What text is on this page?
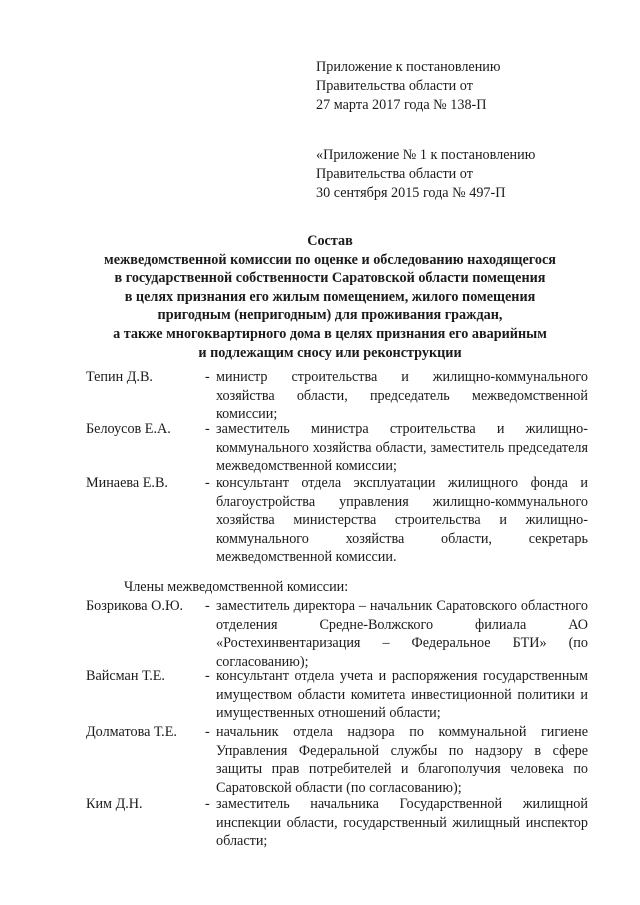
Приложение к постановлению
Правительства области от
27 марта 2017 года № 138-П
«Приложение № 1 к постановлению
Правительства области от
30 сентября 2015 года № 497-П
Состав
межведомственной комиссии по оценке и обследованию находящегося
в государственной собственности Саратовской области помещения
в целях признания его жилым помещением, жилого помещения
пригодным (непригодным) для проживания граждан,
а также многоквартирного дома в целях признания его аварийным
и подлежащим сносу или реконструкции
Тепин Д.В.	- министр строительства и жилищно-коммунального хозяйства области, председатель межведомственной комиссии;
Белоусов Е.А.	- заместитель министра строительства и жилищно-коммунального хозяйства области, заместитель председателя межведомственной комиссии;
Минаева Е.В.	- консультант отдела эксплуатации жилищного фонда и благоустройства управления жилищно-коммунального хозяйства министерства строительства и жилищно-коммунального хозяйства области, секретарь межведомственной комиссии.
Члены межведомственной комиссии:
Бозрикова О.Ю.	- заместитель директора – начальник Саратовского областного отделения Средне-Волжского филиала АО «Ростехинвентаризация – Федеральное БТИ» (по согласованию);
Вайсман Т.Е.	- консультант отдела учета и распоряжения государственным имуществом области комитета инвестиционной политики и имущественных отношений области;
Долматова Т.Е.	- начальник отдела надзора по коммунальной гигиене Управления Федеральной службы по надзору в сфере защиты прав потребителей и благополучия человека по Саратовской области (по согласованию);
Ким Д.Н.	- заместитель начальника Государственной жилищной инспекции области, государственный жилищный инспектор области;
